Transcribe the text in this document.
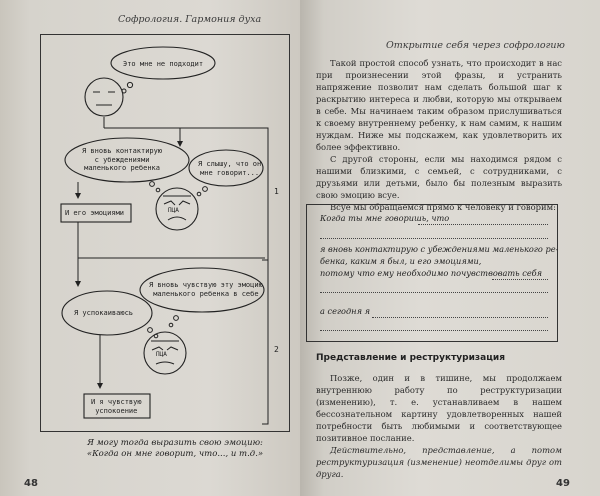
Софрология. Гармония духа
Это мне не подходит
Я вновь контактирую
с убеждениями
маленького ребенка	Я слышу, что он
мне говорит...
И его эмоциями	ПЦА
1
Я вновь чувствую эту эмоцию
маленького ребенка в себе
Я успокаиваюсь
ПЦА
2
И я чувствую
успокоение
Я могу тогда выразить свою эмоцию:
«Когда он мне говорит, что..., и т.д.»
48
Открытие себя через софрологию

Такой простой способ узнать, что происходит в нас при произнесении этой фразы, и устранить напряжение позволит нам сделать большой шаг к раскрытию интереса и любви, которую мы открываем в себе. Мы начинаем таким образом прислушиваться к своему внутреннему ребенку, к нам самим, к нашим нуждам. Ниже мы подскажем, как удовлетворить их более эффективно.

С другой стороны, если мы находимся рядом с нашими близкими, с семьей, с сотрудниками, с друзьями или детьми, было бы полезным выразить свою эмоцию всуе.

Всуе мы обращаемся прямо к человеку и говорим:

Когда ты мне говоришь, что
я вновь контактирую с убеждениями маленького ре-
бенка, каким я был, и его эмоциями,
потому что ему необходимо почувствовать себя
а сегодня я
Представление и реструктуризация

Позже, один и в тишине, мы продолжаем внутреннюю работу по реструктуризации (изменению), т. е. устанавливаем в нашем бессознательном картину удовлетворенных нашей потребности быть любимыми и соответствующее позитивное послание.

Действительно, представление, а потом реструктуризация (изменение) неотделимы друг от друга.

49
